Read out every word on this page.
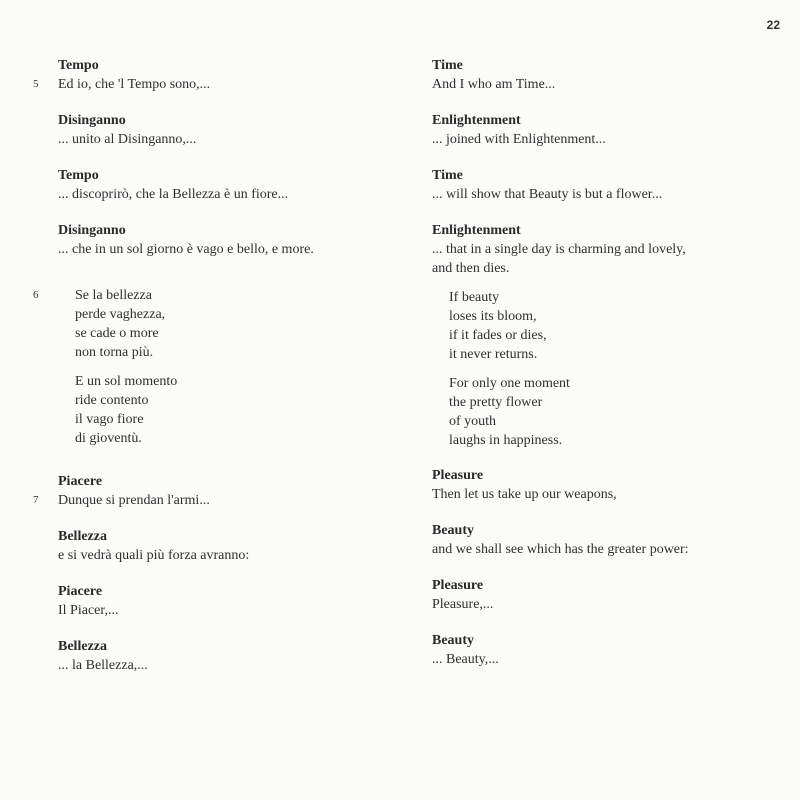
22
Tempo
5 Ed io, che 'l Tempo sono,...
Disinganno
... unito al Disinganno,...
Tempo
... discoprirò, che la Bellezza è un fiore...
Disinganno
... che in un sol giorno è vago e bello, e more.
6	Se la bellezza
perde vaghezza,
se cade o more
non torna più.
E un sol momento
ride contento
il vago fiore
di gioventù.
Piacere
7 Dunque si prendan l'armi...
Bellezza
e si vedrà quali più forza avranno:
Piacere
Il Piacer,...
Bellezza
... la Bellezza,...
Time
And I who am Time...
Enlightenment
... joined with Enlightenment...
Time
... will show that Beauty is but a flower...
Enlightenment
... that in a single day is charming and lovely,
and then dies.
If beauty
loses its bloom,
if it fades or dies,
it never returns.
For only one moment
the pretty flower
of youth
laughs in happiness.
Pleasure
Then let us take up our weapons,
Beauty
and we shall see which has the greater power:
Pleasure
Pleasure,...
Beauty
... Beauty,...
